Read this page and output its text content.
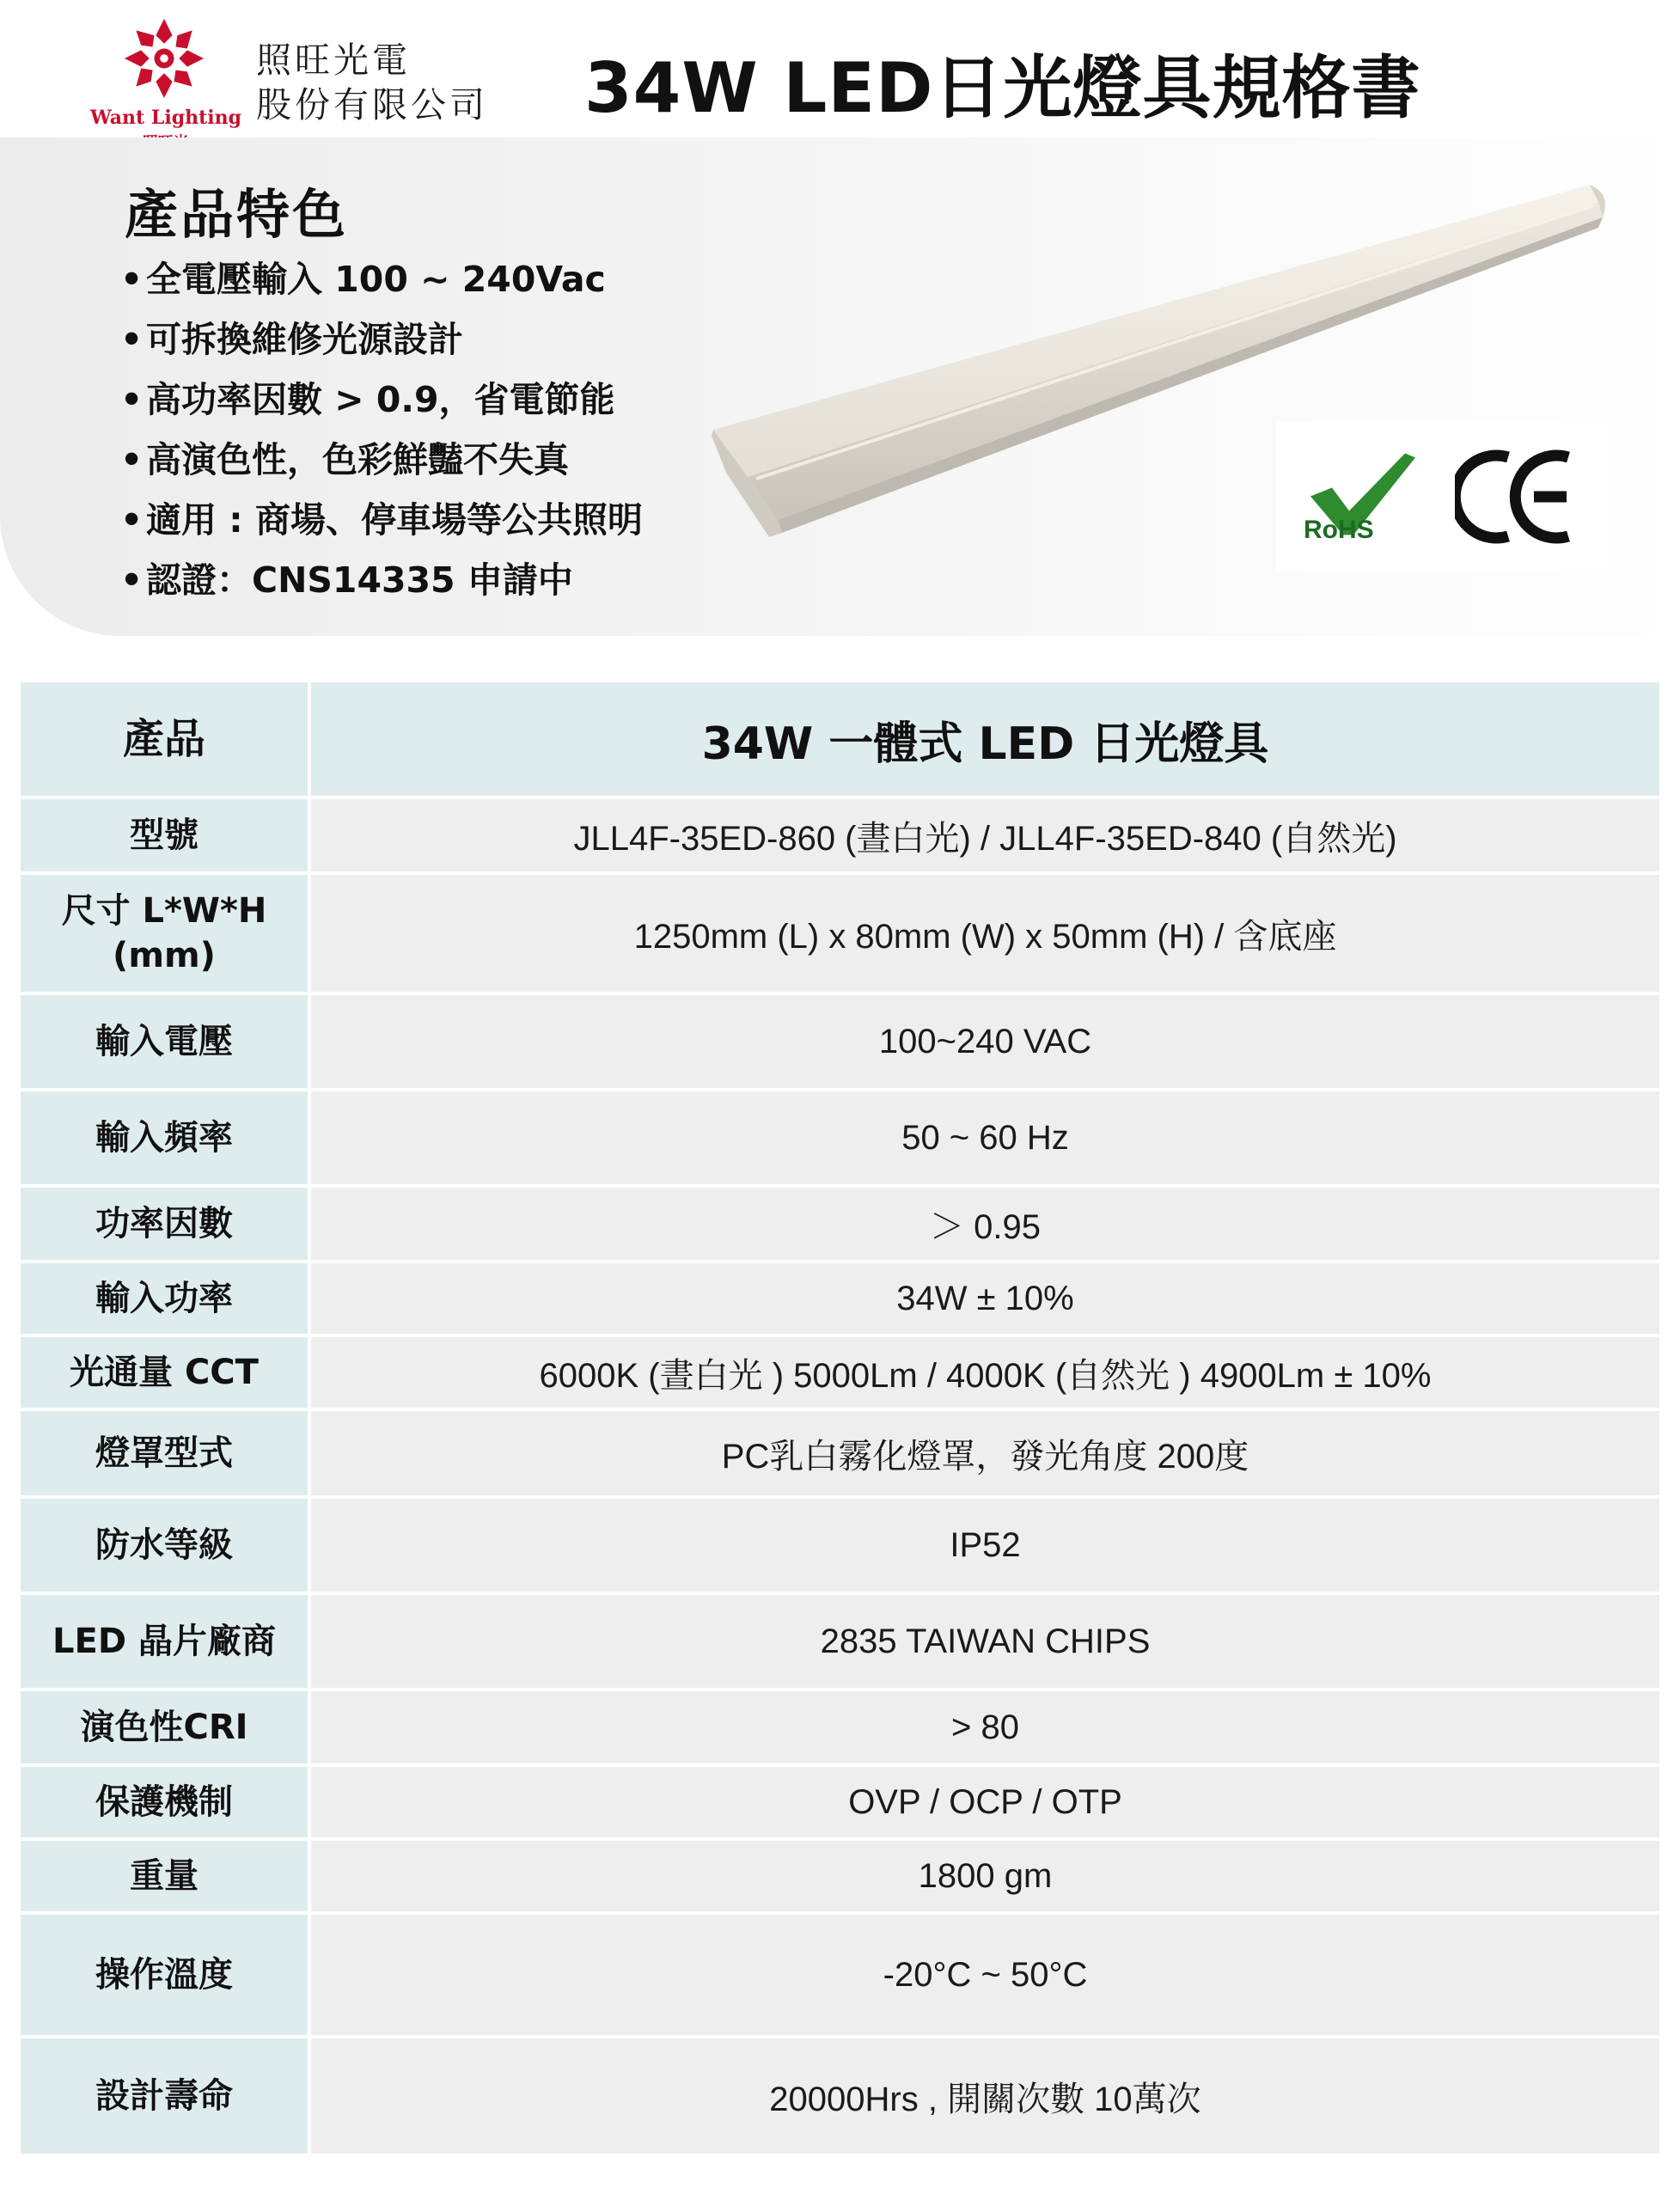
Want Lighting
照旺光電
股份有限公司 34W LED日光燈具規格書
產品特色
•全電壓輸入 100 ~ 240Vac
•可拆換維修光源設計
•高功率因數 > 0.9，省電節能
•高演色性，色彩鮮豔不失真
•適用 : 商場、停車場等公共照明
•認證：CNS14335 申請中
RoHS
產品	34W 一體式 LED 日光燈具
型號	JLL4F-35ED-860 (晝白光) / JLL4F-35ED-840 (自然光)
尺寸 L*W*H (mm)	1250mm (L) x 80mm (W) x 50mm (H) / 含底座
輸入電壓	100~240 VAC
輸入頻率	50 ~ 60 Hz
功率因數	＞ 0.95
輸入功率	34W ± 10%
光通量 CCT	6000K (晝白光 ) 5000Lm / 4000K (自然光 ) 4900Lm ± 10%
燈罩型式	PC乳白霧化燈罩，發光角度 200度
防水等級	IP52
LED 晶片廠商	2835 TAIWAN CHIPS
演色性CRI	> 80
保護機制	OVP / OCP / OTP
重量	1800 gm
操作溫度	-20°C ~ 50°C
設計壽命	20000Hrs , 開關次數 10萬次
